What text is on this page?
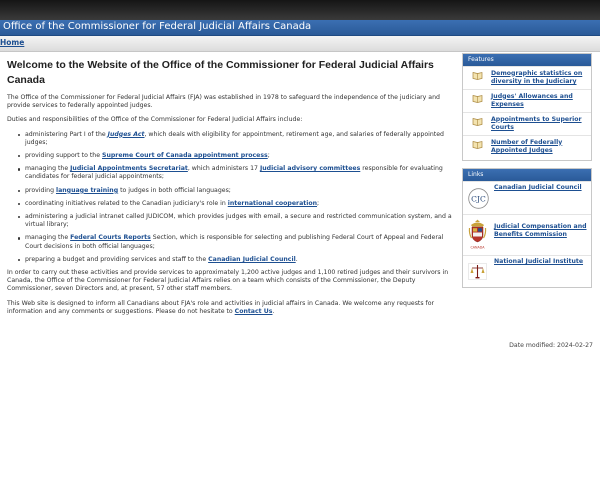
Office of the Commissioner for Federal Judicial Affairs Canada
Home
Welcome to the Website of the Office of the Commissioner for Federal Judicial Affairs Canada

The Office of the Commissioner for Federal Judicial Affairs (FJA) was established in 1978 to safeguard the independence of the judiciary and provide services to federally appointed judges.

Duties and responsibilities of the Office of the Commissioner for Federal Judicial Affairs include:

administering Part I of the Judges Act, which deals with eligibility for appointment, retirement age, and salaries of federally appointed judges;
providing support to the Supreme Court of Canada appointment process;
managing the Judicial Appointments Secretariat, which administers 17 Judicial advisory committees responsible for evaluating candidates for federal judicial appointments;
providing language training to judges in both official languages;
coordinating initiatives related to the Canadian judiciary's role in international cooperation;
administering a judicial intranet called JUDICOM, which provides judges with email, a secure and restricted communication system, and a virtual library;
managing the Federal Courts Reports Section, which is responsible for selecting and publishing Federal Court of Appeal and Federal Court decisions in both official languages;
preparing a budget and providing services and staff to the Canadian Judicial Council.

In order to carry out these activities and provide services to approximately 1,200 active judges and 1,100 retired judges and their survivors in Canada, the Office of the Commissioner for Federal Judicial Affairs relies on a team which consists of the Commissioner, the Deputy Commissioner, seven Directors and, at present, 57 other staff members.

This Web site is designed to inform all Canadians about FJA's role and activities in judicial affairs in Canada. We welcome any requests for information and any comments or suggestions. Please do not hesitate to Contact Us.

Date modified: 2024-02-27
Features
Demographic statistics on diversity in the Judiciary
Judges' Allowances and Expenses
Appointments to Superior Courts
Number of Federally Appointed Judges
Links
CJC
Canadian Judicial Council
CANADA
Judicial Compensation and Benefits Commission
National Judicial Institute
